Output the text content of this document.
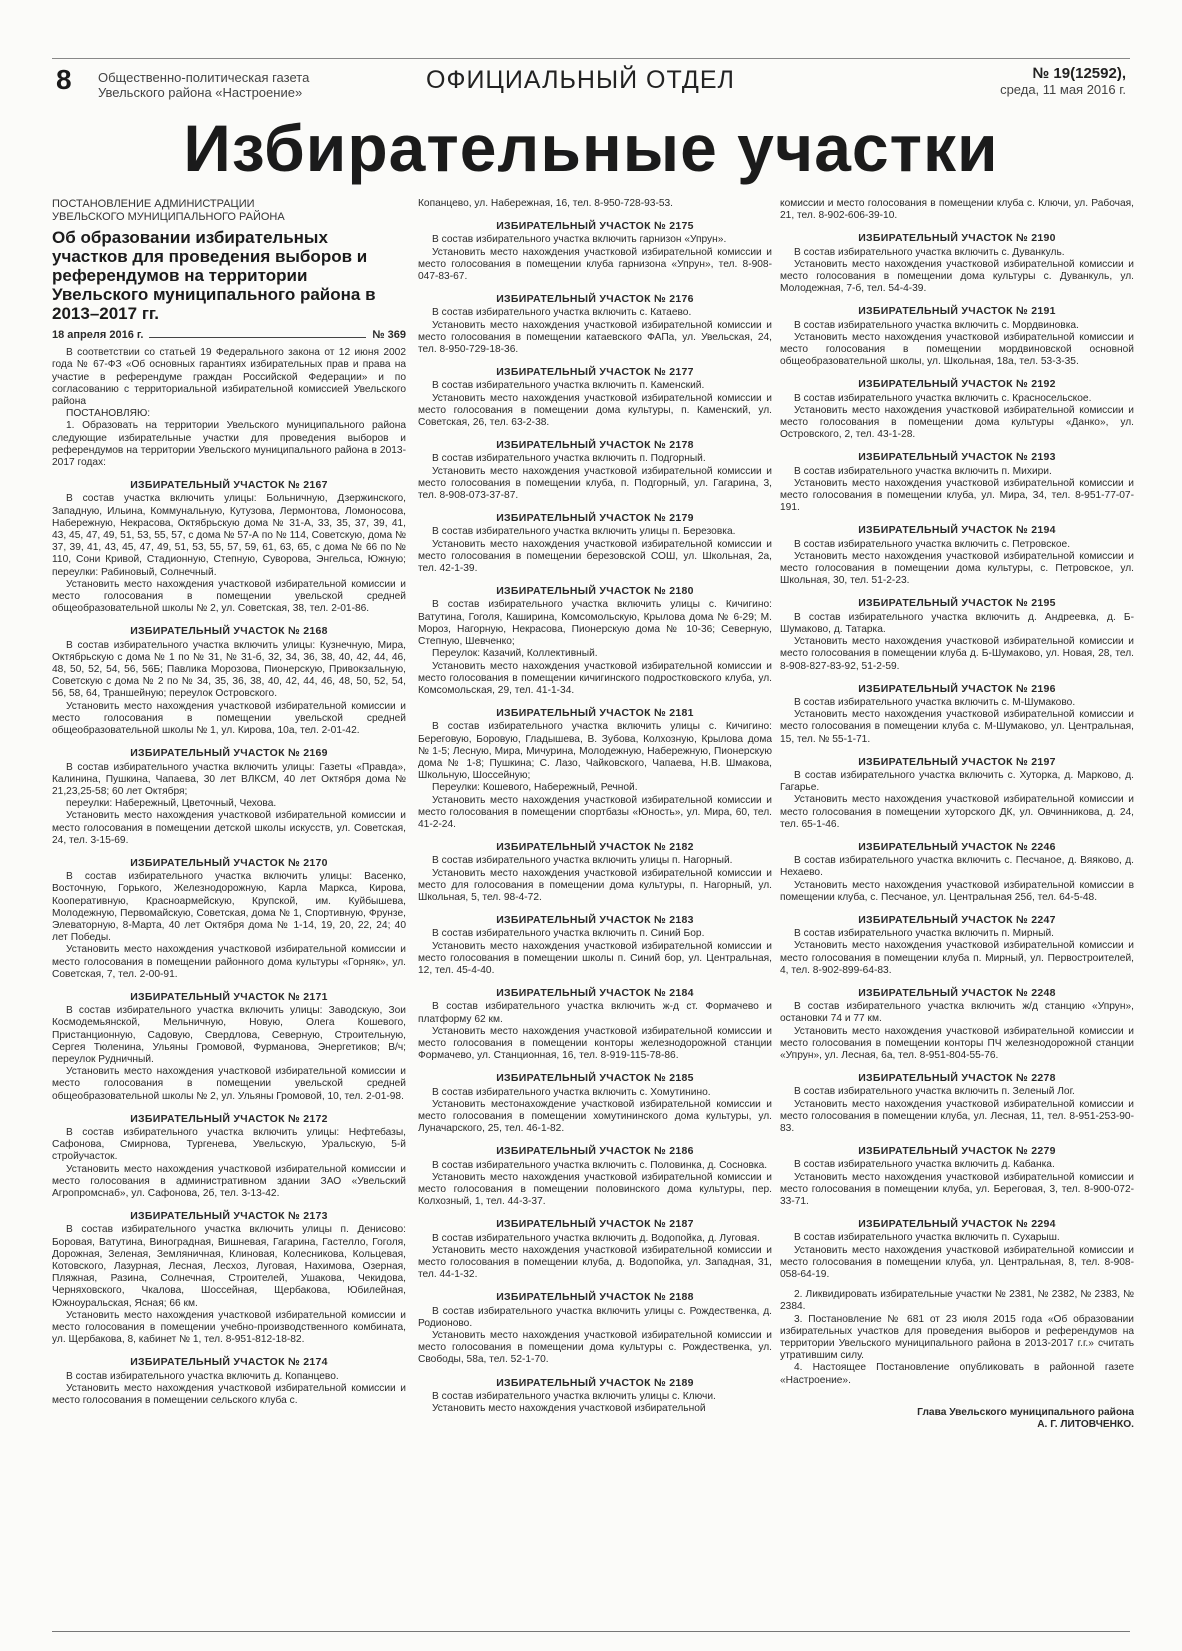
8 Общественно-политическая газета
Увельского района «Настроение»	ОФИЦИАЛЬНЫЙ ОТДЕЛ	№ 19(12592),
среда, 11 мая 2016 г.
Избирательные участки
ПОСТАНОВЛЕНИЕ АДМИНИСТРАЦИИ
УВЕЛЬСКОГО МУНИЦИПАЛЬНОГО РАЙОНА
Об образовании избирательных участков для проведения выборов и референдумов на территории Увельского муниципального района в 2013–2017 гг.
18 апреля 2016 г.	№ 369

В соответствии со статьей 19 Федерального закона от 12 июня 2002 года № 67-ФЗ «Об основных гарантиях избирательных прав и права на участие в референдуме граждан Российской Федерации» и по согласованию с территориальной избирательной комиссией Увельского района

ПОСТАНОВЛЯЮ:

1. Образовать на территории Увельского муниципального района следующие избирательные участки для проведения выборов и референдумов на территории Увельского муниципального района в 2013-2017 годах:

ИЗБИРАТЕЛЬНЫЙ УЧАСТОК № 2167

В состав участка включить улицы: Больничную, Дзержинского, Западную, Ильина, Коммунальную, Кутузова, Лермонтова, Ломоносова, Набережную, Некрасова, Октябрьскую дома № 31-А, 33, 35, 37, 39, 41, 43, 45, 47, 49, 51, 53, 55, 57, с дома № 57-А по № 114, Советскую, дома № 37, 39, 41, 43, 45, 47, 49, 51, 53, 55, 57, 59, 61, 63, 65, с дома № 66 по № 110, Сони Кривой, Стадионную, Степную, Суворова, Энгельса, Южную; переулки: Рабиновый, Солнечный.

Установить место нахождения участковой избирательной комиссии и место голосования в помещении увельской средней общеобразовательной школы № 2, ул. Советская, 38, тел. 2-01-86.

ИЗБИРАТЕЛЬНЫЙ УЧАСТОК № 2168

В состав избирательного участка включить улицы: Кузнечную, Мира, Октябрьскую с дома № 1 по № 31, № 31-б, 32, 34, 36, 38, 40, 42, 44, 46, 48, 50, 52, 54, 56, 56Б; Павлика Морозова, Пионерскую, Привокзальную, Советскую с дома № 2 по № 34, 35, 36, 38, 40, 42, 44, 46, 48, 50, 52, 54, 56, 58, 64, Траншейную; переулок Островского.

Установить место нахождения участковой избирательной комиссии и место голосования в помещении увельской средней общеобразовательной школы № 1, ул. Кирова, 10а, тел. 2-01-42.

ИЗБИРАТЕЛЬНЫЙ УЧАСТОК № 2169

В состав избирательного участка включить улицы: Газеты «Правда», Калинина, Пушкина, Чапаева, 30 лет ВЛКСМ, 40 лет Октября дома № 21,23,25-58; 60 лет Октября;

переулки: Набережный, Цветочный, Чехова.

Установить место нахождения участковой избирательной комиссии и место голосования в помещении детской школы искусств, ул. Советская, 24, тел. 3-15-69.

ИЗБИРАТЕЛЬНЫЙ УЧАСТОК № 2170

В состав избирательного участка включить улицы: Васенко, Восточную, Горького, Железнодорожную, Карла Маркса, Кирова, Кооперативную, Красноармейскую, Крупской, им. Куйбышева, Молодежную, Первомайскую, Советская, дома № 1, Спортивную, Фрунзе, Элеваторную, 8-Марта, 40 лет Октября дома № 1-14, 19, 20, 22, 24; 40 лет Победы.

Установить место нахождения участковой избирательной комиссии и место голосования в помещении районного дома культуры «Горняк», ул. Советская, 7, тел. 2-00-91.

ИЗБИРАТЕЛЬНЫЙ УЧАСТОК № 2171

В состав избирательного участка включить улицы: Заводскую, Зои Космодемьянской, Мельничную, Новую, Олега Кошевого, Пристанционную, Садовую, Свердлова, Северную, Строительную, Сергея Тюленина, Ульяны Громовой, Фурманова, Энергетиков; В/ч; переулок Рудничный.

Установить место нахождения участковой избирательной комиссии и место голосования в помещении увельской средней общеобразовательной школы № 2, ул. Ульяны Громовой, 10, тел. 2-01-98.

ИЗБИРАТЕЛЬНЫЙ УЧАСТОК № 2172

В состав избирательного участка включить улицы: Нефтебазы, Сафонова, Смирнова, Тургенева, Увельскую, Уральскую, 5-й стройучасток.

Установить место нахождения участковой избирательной комиссии и место голосования в административном здании ЗАО «Увельский Агропромснаб», ул. Сафонова, 2б, тел. 3-13-42.

ИЗБИРАТЕЛЬНЫЙ УЧАСТОК № 2173

В состав избирательного участка включить улицы п. Денисово: Боровая, Ватутина, Виноградная, Вишневая, Гагарина, Гастелло, Гоголя, Дорожная, Зеленая, Земляничная, Клиновая, Колесникова, Кольцевая, Котовского, Лазурная, Лесная, Лесхоз, Луговая, Нахимова, Озерная, Пляжная, Разина, Солнечная, Строителей, Ушакова, Чекидова, Черняховского, Чкалова, Шоссейная, Щербакова, Юбилейная, Южноуральская, Ясная; 66 км.

Установить место нахождения участковой избирательной комиссии и место голосования в помещении учебно-производственного комбината, ул. Щербакова, 8, кабинет № 1, тел. 8-951-812-18-82.

ИЗБИРАТЕЛЬНЫЙ УЧАСТОК № 2174

В состав избирательного участка включить д. Копанцево.

Установить место нахождения участковой избирательной комиссии и место голосования в помещении сельского клуба с.

Копанцево, ул. Набережная, 16, тел. 8-950-728-93-53.

ИЗБИРАТЕЛЬНЫЙ УЧАСТОК № 2175

В состав избирательного участка включить гарнизон «Упрун».

Установить место нахождения участковой избирательной комиссии и место голосования в помещении клуба гарнизона «Упрун», тел. 8-908-047-83-67.

ИЗБИРАТЕЛЬНЫЙ УЧАСТОК № 2176

В состав избирательного участка включить с. Катаево.

Установить место нахождения участковой избирательной комиссии и место голосования в помещении катаевского ФАПа, ул. Увельская, 24, тел. 8-950-729-18-36.

ИЗБИРАТЕЛЬНЫЙ УЧАСТОК № 2177

В состав избирательного участка включить п. Каменский.

Установить место нахождения участковой избирательной комиссии и место голосования в помещении дома культуры, п. Каменский, ул. Советская, 26, тел. 63-2-38.

ИЗБИРАТЕЛЬНЫЙ УЧАСТОК № 2178

В состав избирательного участка включить п. Подгорный.

Установить место нахождения участковой избирательной комиссии и место голосования в помещении клуба, п. Подгорный, ул. Гагарина, 3, тел. 8-908-073-37-87.

ИЗБИРАТЕЛЬНЫЙ УЧАСТОК № 2179

В состав избирательного участка включить улицы п. Березовка.

Установить место нахождения участковой избирательной комиссии и место голосования в помещении березовской СОШ, ул. Школьная, 2а, тел. 42-1-39.

ИЗБИРАТЕЛЬНЫЙ УЧАСТОК № 2180

В состав избирательного участка включить улицы с. Кичигино: Ватутина, Гоголя, Каширина, Комсомольскую, Крылова дома № 6-29; М. Мороз, Нагорную, Некрасова, Пионерскую дома № 10-36; Северную, Степную, Шевченко;

Переулок: Казачий, Коллективный.

Установить место нахождения участковой избирательной комиссии и место голосования в помещении кичигинского подростковского клуба, ул. Комсомольская, 29, тел. 41-1-34.

ИЗБИРАТЕЛЬНЫЙ УЧАСТОК № 2181

В состав избирательного участка включить улицы с. Кичигино: Береговую, Боровую, Гладышева, В. Зубова, Колхозную, Крылова дома № 1-5; Лесную, Мира, Мичурина, Молодежную, Набережную, Пионерскую дома № 1-8; Пушкина; С. Лазо, Чайковского, Чапаева, Н.В. Шмакова, Школьную, Шоссейную;

Переулки: Кошевого, Набережный, Речной.

Установить место нахождения участковой избирательной комиссии и место голосования в помещении спортбазы «Юность», ул. Мира, 60, тел. 41-2-24.

ИЗБИРАТЕЛЬНЫЙ УЧАСТОК № 2182

В состав избирательного участка включить улицы п. Нагорный.

Установить место нахождения участковой избирательной комиссии и место для голосования в помещении дома культуры, п. Нагорный, ул. Школьная, 5, тел. 98-4-72.

ИЗБИРАТЕЛЬНЫЙ УЧАСТОК № 2183

В состав избирательного участка включить п. Синий Бор.

Установить место нахождения участковой избирательной комиссии и место голосования в помещении школы п. Синий бор, ул. Центральная, 12, тел. 45-4-40.

ИЗБИРАТЕЛЬНЫЙ УЧАСТОК № 2184

В состав избирательного участка включить ж-д ст. Формачево и платформу 62 км.

Установить место нахождения участковой избирательной комиссии и место голосования в помещении конторы железнодорожной станции Формачево, ул. Станционная, 16, тел. 8-919-115-78-86.

ИЗБИРАТЕЛЬНЫЙ УЧАСТОК № 2185

В состав избирательного участка включить с. Хомутинино.

Установить местонахождение участковой избирательной комиссии и место голосования в помещении хомутининского дома культуры, ул. Луначарского, 25, тел. 46-1-82.

ИЗБИРАТЕЛЬНЫЙ УЧАСТОК № 2186

В состав избирательного участка включить с. Половинка, д. Сосновка.

Установить место нахождения участковой избирательной комиссии и место голосования в помещении половинского дома культуры, пер. Колхозный, 1, тел. 44-3-37.

ИЗБИРАТЕЛЬНЫЙ УЧАСТОК № 2187

В состав избирательного участка включить д. Водопойка, д. Луговая.

Установить место нахождения участковой избирательной комиссии и место голосования в помещении клуба, д. Водопойка, ул. Западная, 31, тел. 44-1-32.

ИЗБИРАТЕЛЬНЫЙ УЧАСТОК № 2188

В состав избирательного участка включить улицы с. Рождественка, д. Родионово.

Установить место нахождения участковой избирательной комиссии и место голосования в помещении дома культуры с. Рождественка, ул. Свободы, 58а, тел. 52-1-70.

ИЗБИРАТЕЛЬНЫЙ УЧАСТОК № 2189

В состав избирательного участка включить улицы с. Ключи.

Установить место нахождения участковой избирательной

комиссии и место голосования в помещении клуба с. Ключи, ул. Рабочая, 21, тел. 8-902-606-39-10.

ИЗБИРАТЕЛЬНЫЙ УЧАСТОК № 2190

В состав избирательного участка включить с. Дуванкуль.

Установить место нахождения участковой избирательной комиссии и место голосования в помещении дома культуры с. Дуванкуль, ул. Молодежная, 7-б, тел. 54-4-39.

ИЗБИРАТЕЛЬНЫЙ УЧАСТОК № 2191

В состав избирательного участка включить с. Мордвиновка.

Установить место нахождения участковой избирательной комиссии и место голосования в помещении мордвиновской основной общеобразовательной школы, ул. Школьная, 18а, тел. 53-3-35.

ИЗБИРАТЕЛЬНЫЙ УЧАСТОК № 2192

В состав избирательного участка включить с. Красносельское.

Установить место нахождения участковой избирательной комиссии и место голосования в помещении дома культуры «Данко», ул. Островского, 2, тел. 43-1-28.

ИЗБИРАТЕЛЬНЫЙ УЧАСТОК № 2193

В состав избирательного участка включить п. Михири.

Установить место нахождения участковой избирательной комиссии и место голосования в помещении клуба, ул. Мира, 34, тел. 8-951-77-07-191.

ИЗБИРАТЕЛЬНЫЙ УЧАСТОК № 2194

В состав избирательного участка включить с. Петровское.

Установить место нахождения участковой избирательной комиссии и место голосования в помещении дома культуры, с. Петровское, ул. Школьная, 30, тел. 51-2-23.

ИЗБИРАТЕЛЬНЫЙ УЧАСТОК № 2195

В состав избирательного участка включить д. Андреевка, д. Б-Шумаково, д. Татарка.

Установить место нахождения участковой избирательной комиссии и место голосования в помещении клуба д. Б-Шумаково, ул. Новая, 28, тел. 8-908-827-83-92, 51-2-59.

ИЗБИРАТЕЛЬНЫЙ УЧАСТОК № 2196

В состав избирательного участка включить с. М-Шумаково.

Установить место нахождения участковой избирательной комиссии и место голосования в помещении клуба с. М-Шумаково, ул. Центральная, 15, тел. № 55-1-71.

ИЗБИРАТЕЛЬНЫЙ УЧАСТОК № 2197

В состав избирательного участка включить с. Хуторка, д. Марково, д. Гагарье.

Установить место нахождения участковой избирательной комиссии и место голосования в помещении хуторского ДК, ул. Овчинникова, д. 24, тел. 65-1-46.

ИЗБИРАТЕЛЬНЫЙ УЧАСТОК № 2246

В состав избирательного участка включить с. Песчаное, д. Вяяково, д. Нехаево.

Установить место нахождения участковой избирательной комиссии в помещении клуба, с. Песчаное, ул. Центральная 25б, тел. 64-5-48.

ИЗБИРАТЕЛЬНЫЙ УЧАСТОК № 2247

В состав избирательного участка включить п. Мирный.

Установить место нахождения участковой избирательной комиссии и место голосования в помещении клуба п. Мирный, ул. Первостроителей, 4, тел. 8-902-899-64-83.

ИЗБИРАТЕЛЬНЫЙ УЧАСТОК № 2248

В состав избирательного участка включить ж/д станцию «Упрун», остановки 74 и 77 км.

Установить место нахождения участковой избирательной комиссии и место голосования в помещении конторы ПЧ железнодорожной станции «Упрун», ул. Лесная, 6а, тел. 8-951-804-55-76.

ИЗБИРАТЕЛЬНЫЙ УЧАСТОК № 2278

В состав избирательного участка включить п. Зеленый Лог.

Установить место нахождения участковой избирательной комиссии и место голосования в помещении клуба, ул. Лесная, 11, тел. 8-951-253-90-83.

ИЗБИРАТЕЛЬНЫЙ УЧАСТОК № 2279

В состав избирательного участка включить д. Кабанка.

Установить место нахождения участковой избирательной комиссии и место голосования в помещении клуба, ул. Береговая, 3, тел. 8-900-072-33-71.

ИЗБИРАТЕЛЬНЫЙ УЧАСТОК № 2294

В состав избирательного участка включить п. Сухарыш.

Установить место нахождения участковой избирательной комиссии и место голосования в помещении клуба, ул. Центральная, 8, тел. 8-908-058-64-19.

2. Ликвидировать избирательные участки № 2381, № 2382, № 2383, № 2384.

3. Постановление № 681 от 23 июля 2015 года «Об образовании избирательных участков для проведения выборов и референдумов на территории Увельского муниципального района в 2013-2017 г.г.» считать утратившим силу.

4. Настоящее Постановление опубликовать в районной газете «Настроение».

Глава Увельского муниципального района
А. Г. ЛИТОВЧЕНКО.
